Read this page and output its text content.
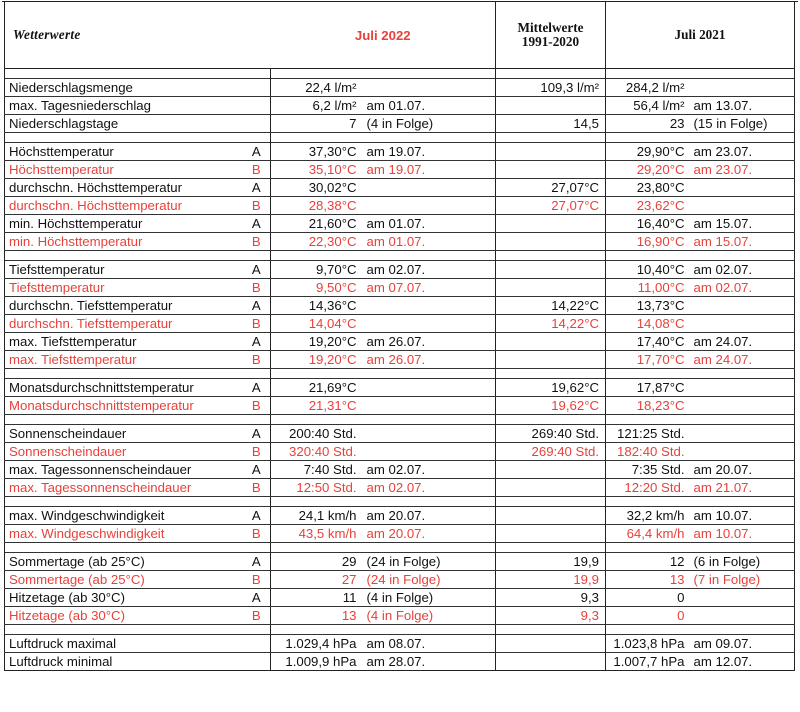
Wetterwerte		Juli 2022		Mittelwerte
1991-2020	Juli 2021	

Niederschlagsmenge		22,4 l/m²		109,3 l/m²	284,2 l/m²	
max. Tagesniederschlag		6,2 l/m²	am 01.07.		56,4 l/m²	am 13.07.
Niederschlagstage		7	(4 in Folge)	14,5	23	(15 in Folge)

Höchsttemperatur	A	37,30°C	am 19.07.		29,90°C	am 23.07.
Höchsttemperatur	B	35,10°C	am 19.07.		29,20°C	am 23.07.
durchschn. Höchsttemperatur	A	30,02°C		27,07°C	23,80°C	
durchschn. Höchsttemperatur	B	28,38°C		27,07°C	23,62°C	
min. Höchsttemperatur	A	21,60°C	am 01.07.		16,40°C	am 15.07.
min. Höchsttemperatur	B	22,30°C	am 01.07.		16,90°C	am 15.07.

Tiefsttemperatur	A	9,70°C	am 02.07.		10,40°C	am 02.07.
Tiefsttemperatur	B	9,50°C	am 07.07.		11,00°C	am 02.07.
durchschn. Tiefsttemperatur	A	14,36°C		14,22°C	13,73°C	
durchschn. Tiefsttemperatur	B	14,04°C		14,22°C	14,08°C	
max. Tiefsttemperatur	A	19,20°C	am 26.07.		17,40°C	am 24.07.
max. Tiefsttemperatur	B	19,20°C	am 26.07.		17,70°C	am 24.07.

Monatsdurchschnittstemperatur	A	21,69°C		19,62°C	17,87°C	
Monatsdurchschnittstemperatur	B	21,31°C		19,62°C	18,23°C	

Sonnenscheindauer	A	200:40 Std.		269:40 Std.	121:25 Std.	
Sonnenscheindauer	B	320:40 Std.		269:40 Std.	182:40 Std.	
max. Tagessonnenscheindauer	A	7:40 Std.	am 02.07.		7:35 Std.	am 20.07.
max. Tagessonnenscheindauer	B	12:50 Std.	am 02.07.		12:20 Std.	am 21.07.

max. Windgeschwindigkeit	A	24,1 km/h	am 20.07.		32,2 km/h	am 10.07.
max. Windgeschwindigkeit	B	43,5 km/h	am 20.07.		64,4 km/h	am 10.07.

Sommertage (ab 25°C)	A	29	(24 in Folge)	19,9	12	(6 in Folge)
Sommertage (ab 25°C)	B	27	(24 in Folge)	19,9	13	(7 in Folge)
Hitzetage (ab 30°C)	A	11	(4 in Folge)	9,3	0	
Hitzetage (ab 30°C)	B	13	(4 in Folge)	9,3	0	

Luftdruck maximal		1.029,4 hPa	am 08.07.		1.023,8 hPa	am 09.07.
Luftdruck minimal		1.009,9 hPa	am 28.07.		1.007,7 hPa	am 12.07.
